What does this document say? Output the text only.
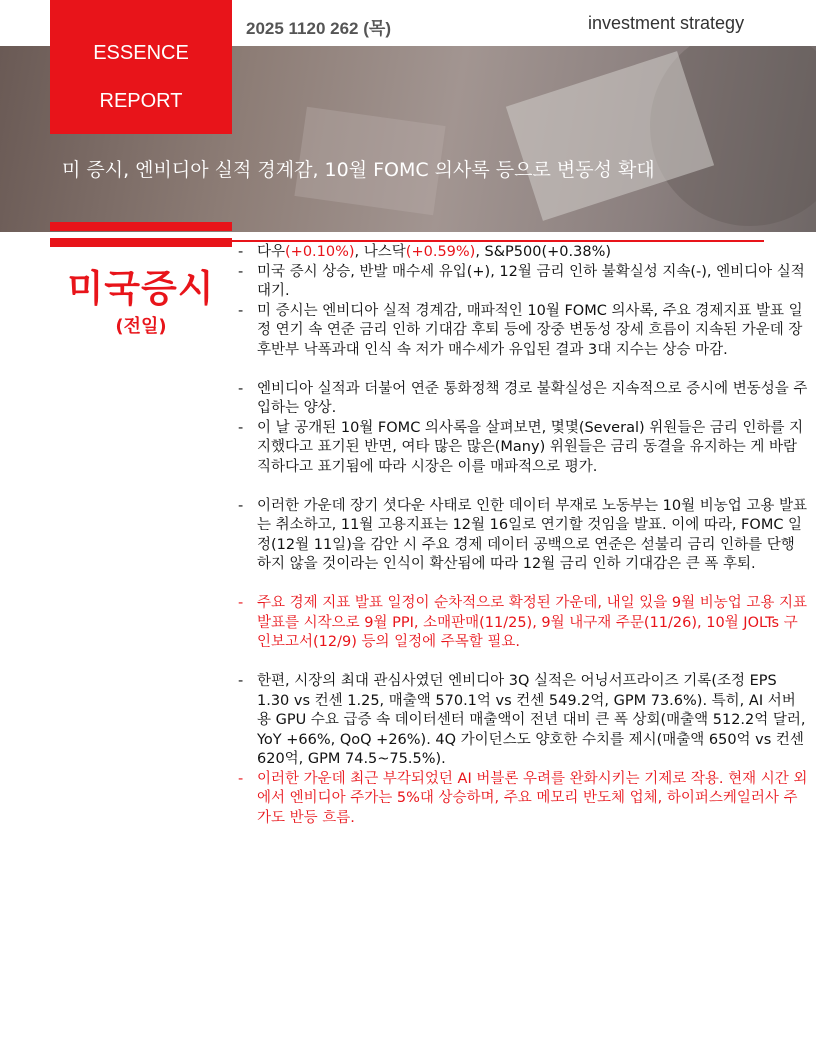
2025 1120 262 (목)	investment strategy
미 증시, 엔비디아 실적 경계감, 10월 FOMC 의사록 등으로 변동성 확대
ESSENCE
REPORT
미국증시
(전일)
- 다우(+0.10%), 나스닥(+0.59%), S&P500(+0.38%)
- 미국 증시 상승, 반발 매수세 유입(+), 12월 금리 인하 불확실성 지속(-), 엔비디아 실적 대기.
- 미 증시는 엔비디아 실적 경계감, 매파적인 10월 FOMC 의사록, 주요 경제지표 발표 일정 연기 속 연준 금리 인하 기대감 후퇴 등에 장중 변동성 장세 흐름이 지속된 가운데 장 후반부 낙폭과대 인식 속 저가 매수세가 유입된 결과 3대 지수는 상승 마감.
- 엔비디아 실적과 더불어 연준 통화정책 경로 불확실성은 지속적으로 증시에 변동성을 주입하는 양상.
- 이 날 공개된 10월 FOMC 의사록을 살펴보면, 몇몇(Several) 위원들은 금리 인하를 지지했다고 표기된 반면, 여타 많은 많은(Many) 위원들은 금리 동결을 유지하는 게 바람직하다고 표기됨에 따라 시장은 이를 매파적으로 평가.
- 이러한 가운데 장기 셧다운 사태로 인한 데이터 부재로 노동부는 10월 비농업 고용 발표는 취소하고, 11월 고용지표는 12월 16일로 연기할 것임을 발표. 이에 따라, FOMC 일정(12월 11일)을 감안 시 주요 경제 데이터 공백으로 연준은 섣불리 금리 인하를 단행하지 않을 것이라는 인식이 확산됨에 따라 12월 금리 인하 기대감은 큰 폭 후퇴.
- 주요 경제 지표 발표 일정이 순차적으로 확정된 가운데, 내일 있을 9월 비농업 고용 지표 발표를 시작으로 9월 PPI, 소매판매(11/25), 9월 내구재 주문(11/26), 10월 JOLTs 구인보고서(12/9) 등의 일정에 주목할 필요.
- 한편, 시장의 최대 관심사였던 엔비디아 3Q 실적은 어닝서프라이즈 기록(조정 EPS 1.30 vs 컨센 1.25, 매출액 570.1억 vs 컨센 549.2억, GPM 73.6%). 특히, AI 서버용 GPU 수요 급증 속 데이터센터 매출액이 전년 대비 큰 폭 상회(매출액 512.2억 달러, YoY +66%, QoQ +26%). 4Q 가이던스도 양호한 수치를 제시(매출액 650억 vs 컨센 620억, GPM 74.5~75.5%).
- 이러한 가운데 최근 부각되었던 AI 버블론 우려를 완화시키는 기제로 작용. 현재 시간 외에서 엔비디아 주가는 5%대 상승하며, 주요 메모리 반도체 업체, 하이퍼스케일러사 주가도 반등 흐름.
